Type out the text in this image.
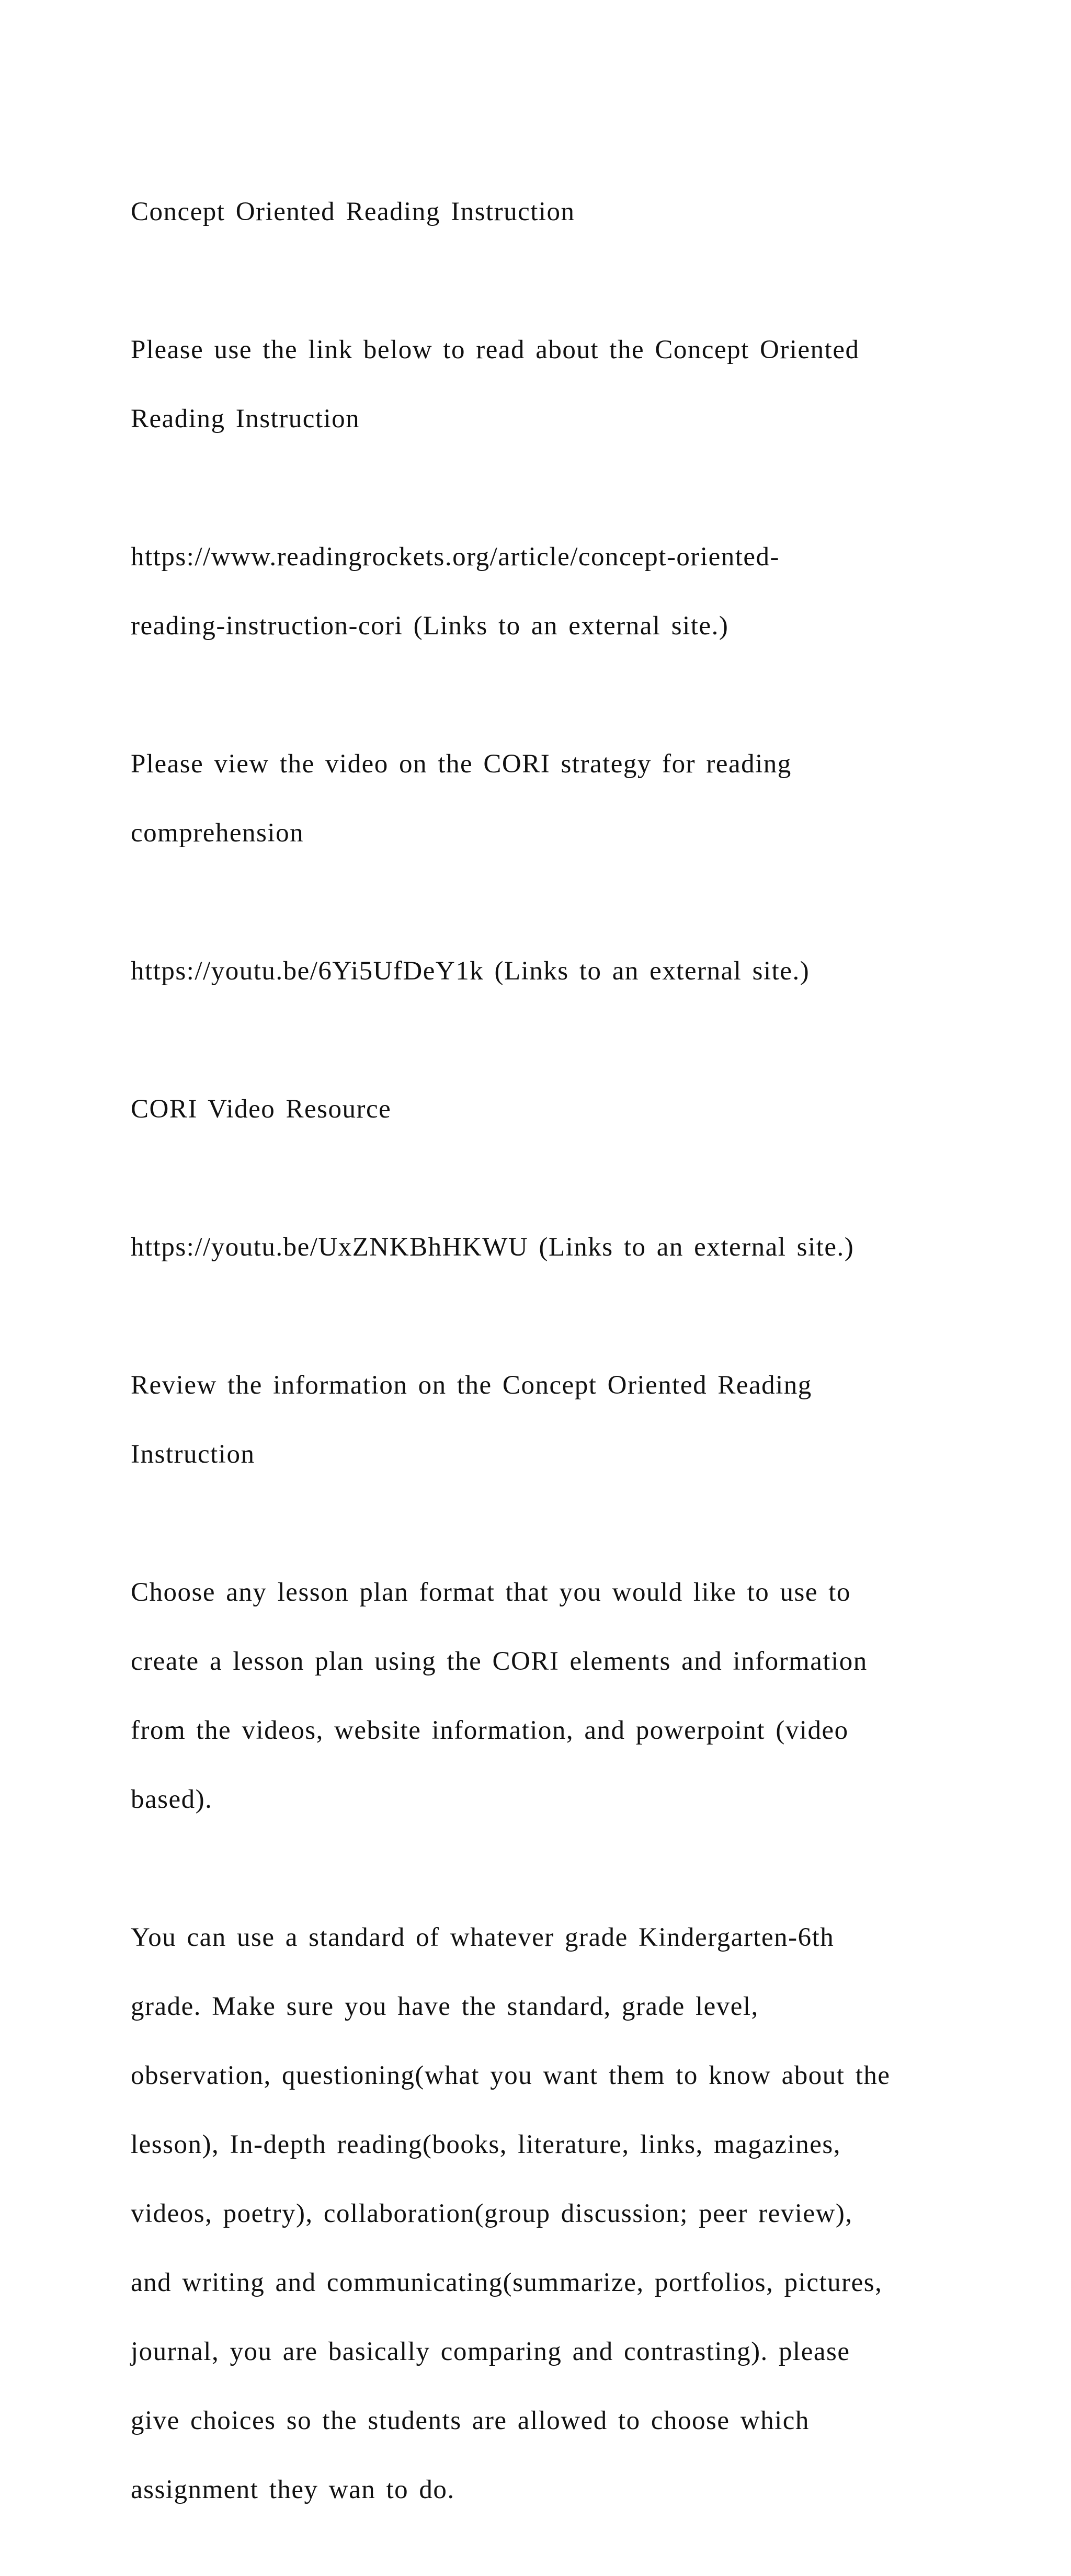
Concept Oriented Reading Instruction

Please use the link below to read about the Concept Oriented

Reading Instruction

https://www.readingrockets.org/article/concept-oriented-

reading-instruction-cori (Links to an external site.)

Please view the video on the CORI strategy for reading

comprehension

https://youtu.be/6Yi5UfDeY1k (Links to an external site.)

CORI Video Resource

https://youtu.be/UxZNKBhHKWU (Links to an external site.)

Review the information on the Concept Oriented Reading

Instruction

Choose any lesson plan format that you would like to use to

create a lesson plan using the CORI elements and information

from the videos, website information, and powerpoint (video

based).

You can use a standard of whatever grade Kindergarten-6th

grade. Make sure you have the standard, grade level,

observation, questioning(what you want them to know about the

lesson), In-depth reading(books, literature, links, magazines,

videos, poetry), collaboration(group discussion; peer review),

and writing and communicating(summarize, portfolios, pictures,

journal, you are basically comparing and contrasting). please

give choices so the students are allowed to choose which

assignment they wan to do.
